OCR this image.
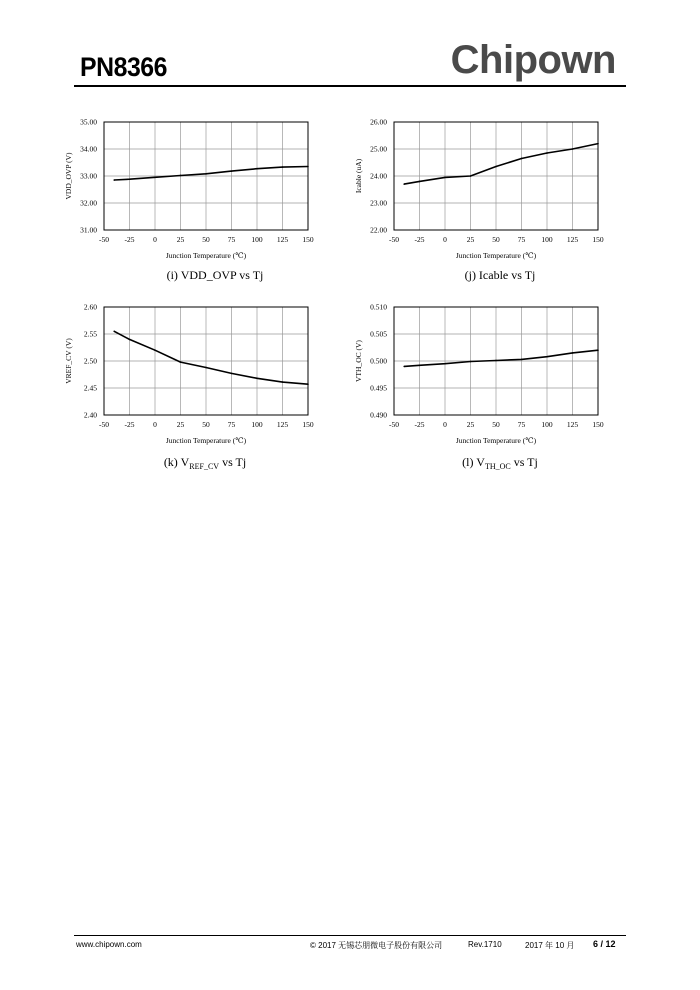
PN8366	Chipown
-50 -25 0	25 50 75 100 125 150
31.00
32.00
33.00
34.00
35.00
Junction Temperature (℃)
VDD_OVP (V)
(i) VDD_OVP vs Tj
-50 -25 0	25 50 75 100 125 150
22.00
23.00
24.00
25.00
26.00
Junction Temperature (℃)
Icable (uA)
(j) Icable vs Tj
-50 -25 0	25 50 75 100 125 150
2.40
2.45
2.50
2.55
2.60
Junction Temperature (℃)
VREF_CV (V)
(k) $V_{REF\_CV}$ vs Tj
-50 -25 0	25 50 75 100 125 150
0.490
0.495
0.500
0.505
0.510
Junction Temperature (℃)
VTH_OC (V)
(l) $V_{TH\_OC}$ vs Tj
www.chipown.com	© 2017 无锡芯朋微电子股份有限公司	Rev.1710	2017 年 10 月 6 / 12
